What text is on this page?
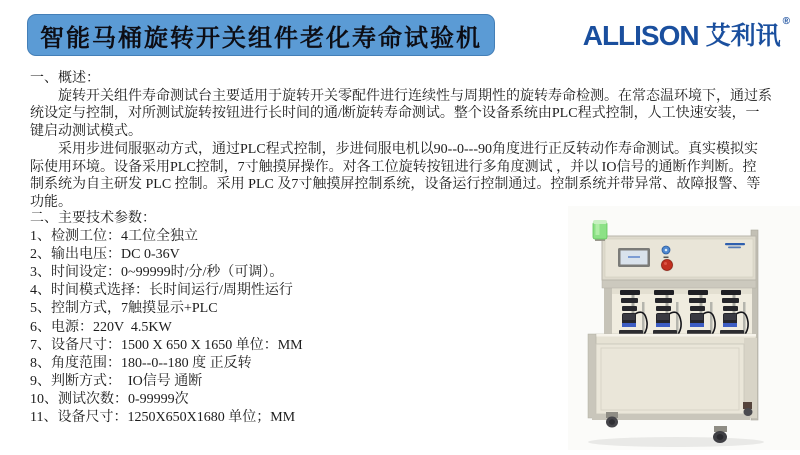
智能马桶旋转开关组件老化寿命试验机	ALLISON 艾利讯
®
一、概述：
　　旋转开关组件寿命测试台主要适用于旋转开关零配件进行连续性与周期性的旋转寿命检测。在常态温环境下，通过系
统设定与控制，对所测试旋转按钮进行长时间的通/断旋转寿命测试。整个设备系统由PLC程式控制，人工快速安装，一
键启动测试模式。
　　采用步进伺服驱动方式，通过PLC程式控制，步进伺服电机以90--0---90角度进行正反转动作寿命测试。真实模拟实
际使用环境。设备采用PLC控制，7寸触摸屏操作。对各工位旋转按钮进行多角度测试 ，并以 IO信号的通断作判断。控
制系统为自主研发 PLC 控制。采用 PLC 及7寸触摸屏控制系统，设备运行控制通过。控制系统并带异常、故障报警、等
功能。
二、主要技术参数：
1、检测工位：4工位全独立
2、输出电压：DC 0-36V
3、时间设定：0~99999时/分/秒（可调）。
4、时间模式选择：长时间运行/周期性运行
5、控制方式，7触摸显示+PLC
6、电源：220V  4.5KW
7、设备尺寸：1500 X 650 X 1650 单位：MM
8、角度范围：180--0--180 度 正反转
9、判断方式：  IO信号 通断
10、测试次数：0-99999次
11、设备尺寸：1250X650X1680 单位；MM
